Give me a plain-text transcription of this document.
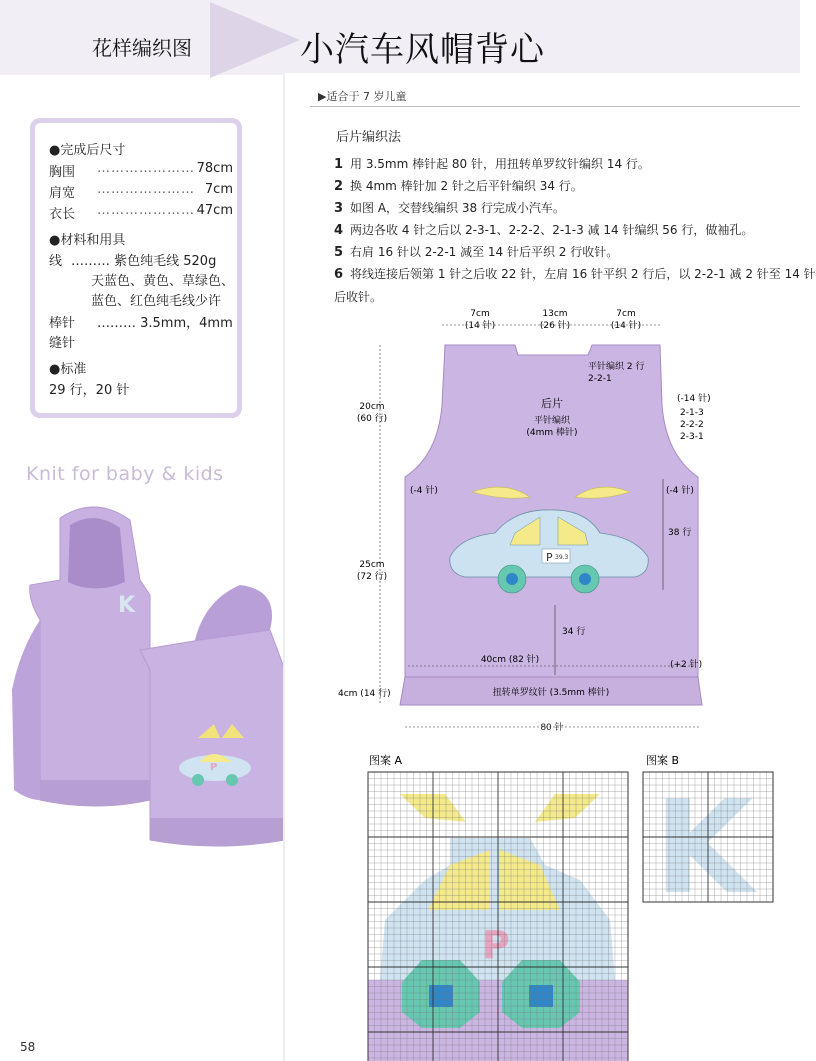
花样编织图	小汽车风帽背心
●完成后尺寸
胸围 ………………… 78cm
肩宽 ………………… 7cm
衣长 ………………… 47cm
●材料和用具
线 ……… 紫色纯毛线 520g
天蓝色、黄色、草绿色、
蓝色、红色纯毛线少许
棒针 ……… 3.5mm，4mm
缝针
●标准
29 行，20 针
Knit for baby & kids
K
P
58
▶适合于 7 岁儿童
后片编织法
1 用 3.5mm 棒针起 80 针，用扭转单罗纹针编织 14 行。
2 换 4mm 棒针加 2 针之后平针编织 34 行。
3 如图 A，交替线编织 38 行完成小汽车。
4 两边各收 4 针之后以 2-3-1、2-2-2、2-1-3 减 14 针编织 56 行，做袖孔。
5 右肩 16 针以 2-2-1 减至 14 针后平织 2 行收针。
6 将线连接后领第 1 针之后收 22 针，左肩 16 针平织 2 行后，以 2-2-1 减 2 针至 14 针
后收针。
7cm
(14 针)
13cm
(26 针)
7cm
(14 针)
P 39.3
平针编织 2 行
2-2-1
后片
平针编织
(4mm 棒针)
(-14 针)
2-1-3
2-2-2
2-3-1
20cm
(60 行)
25cm
(72 行)
4cm (14 行)
(-4 针)	(-4 针)
38 行
34 行
40cm (82 针)	(+2 针)
扭转单罗纹针 (3.5mm 棒针)
80 针
图案 A	图案 B
P
K
